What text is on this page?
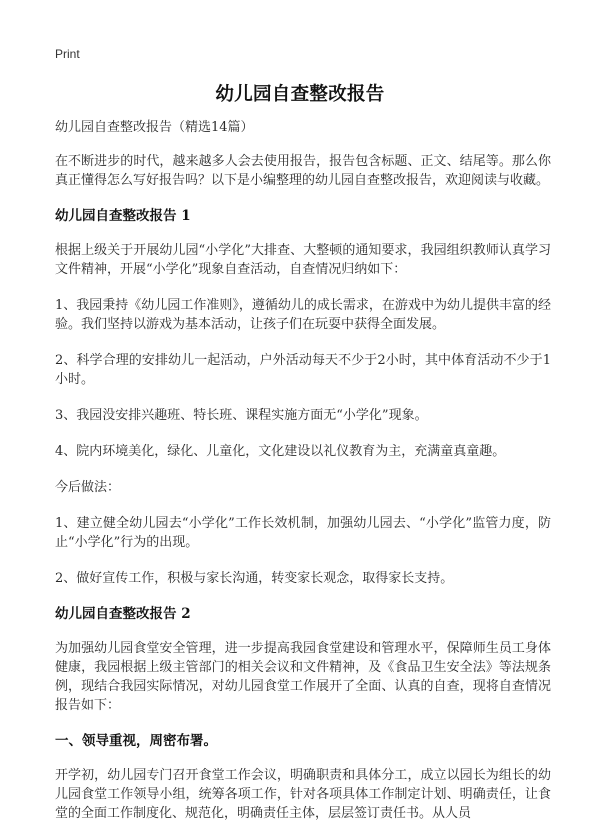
Print
幼儿园自查整改报告

幼儿园自查整改报告（精选14篇）

在不断进步的时代，越来越多人会去使用报告，报告包含标题、正文、结尾等。那么你真正懂得怎么写好报告吗？以下是小编整理的幼儿园自查整改报告，欢迎阅读与收藏。

幼儿园自查整改报告 1

根据上级关于开展幼儿园“小学化”大排查、大整顿的通知要求，我园组织教师认真学习文件精神，开展“小学化”现象自查活动，自查情况归纳如下：

1、我园秉持《幼儿园工作准则》，遵循幼儿的成长需求，在游戏中为幼儿提供丰富的经验。我们坚持以游戏为基本活动，让孩子们在玩耍中获得全面发展。

2、科学合理的安排幼儿一起活动，户外活动每天不少于2小时，其中体育活动不少于1小时。

3、我园没安排兴趣班、特长班、课程实施方面无“小学化”现象。

4、院内环境美化，绿化、儿童化，文化建设以礼仪教育为主，充满童真童趣。

今后做法：

1、建立健全幼儿园去“小学化”工作长效机制，加强幼儿园去、“小学化”监管力度，防止“小学化”行为的出现。

2、做好宣传工作，积极与家长沟通，转变家长观念，取得家长支持。

幼儿园自查整改报告 2

为加强幼儿园食堂安全管理，进一步提高我园食堂建设和管理水平，保障师生员工身体健康，我园根据上级主管部门的相关会议和文件精神，及《食品卫生安全法》等法规条例，现结合我园实际情况，对幼儿园食堂工作展开了全面、认真的自查，现将自查情况报告如下：

一、领导重视，周密布署。

开学初，幼儿园专门召开食堂工作会议，明确职责和具体分工，成立以园长为组长的幼儿园食堂工作领导小组，统筹各项工作，针对各项具体工作制定计划、明确责任，让食堂的全面工作制度化、规范化，明确责任主体，层层签订责任书。从人员
